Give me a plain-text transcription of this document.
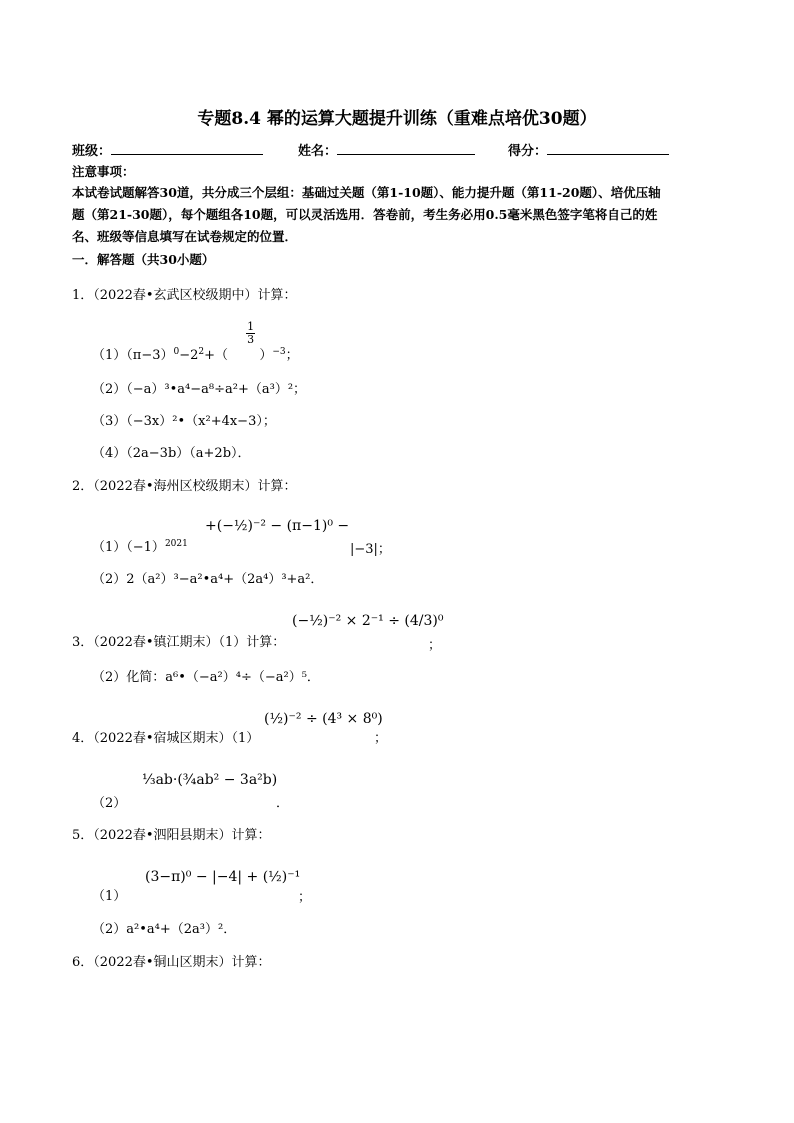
专题8.4 幂的运算大题提升训练（重难点培优30题）
班级：	姓名：	得分：
注意事项：
本试卷试题解答30道，共分成三个层组：基础过关题（第1-10题）、能力提升题（第11-20题）、培优压轴
题（第21-30题），每个题组各10题，可以灵活选用．答卷前，考生务必用0.5毫米黑色签字笔将自己的姓
名、班级等信息填写在试卷规定的位置．
一．解答题（共30小题）
1．（2022春•玄武区校级期中）计算：
$(1)(\pi-3)^0-2^2+$（
$\frac{1}{3}$
）$^{-3}$；
（2）（−a）³•a⁴−a⁸÷a²+（a³）²；
（3）（−3x）²•（x²+4x−3）；
（4）（2a−3b）（a+2b）．
2．（2022春•海州区校级期末）计算：
$(1)(-1)^{2021}$
+(−½)⁻² − (π−1)⁰ −
|−3|；
（2）2（a²）³−a²•a⁴+（2a⁴）³+a²．
3．（2022春•镇江期末）（1）计算：
(−½)⁻² × 2⁻¹ ÷ (4/3)⁰
；
（2）化简：a⁶•（−a²）⁴÷（−a²）⁵．
4．（2022春•宿城区期末）（1）
(½)⁻² ÷ (4³ × 8⁰)
；
（2）
⅓ab·(¾ab² − 3a²b)
．
5．（2022春•泗阳县期末）计算：
（1）
(3−π)⁰ − |−4| + (½)⁻¹
；
（2）a²•a⁴+（2a³）²．
6．（2022春•铜山区期末）计算：
